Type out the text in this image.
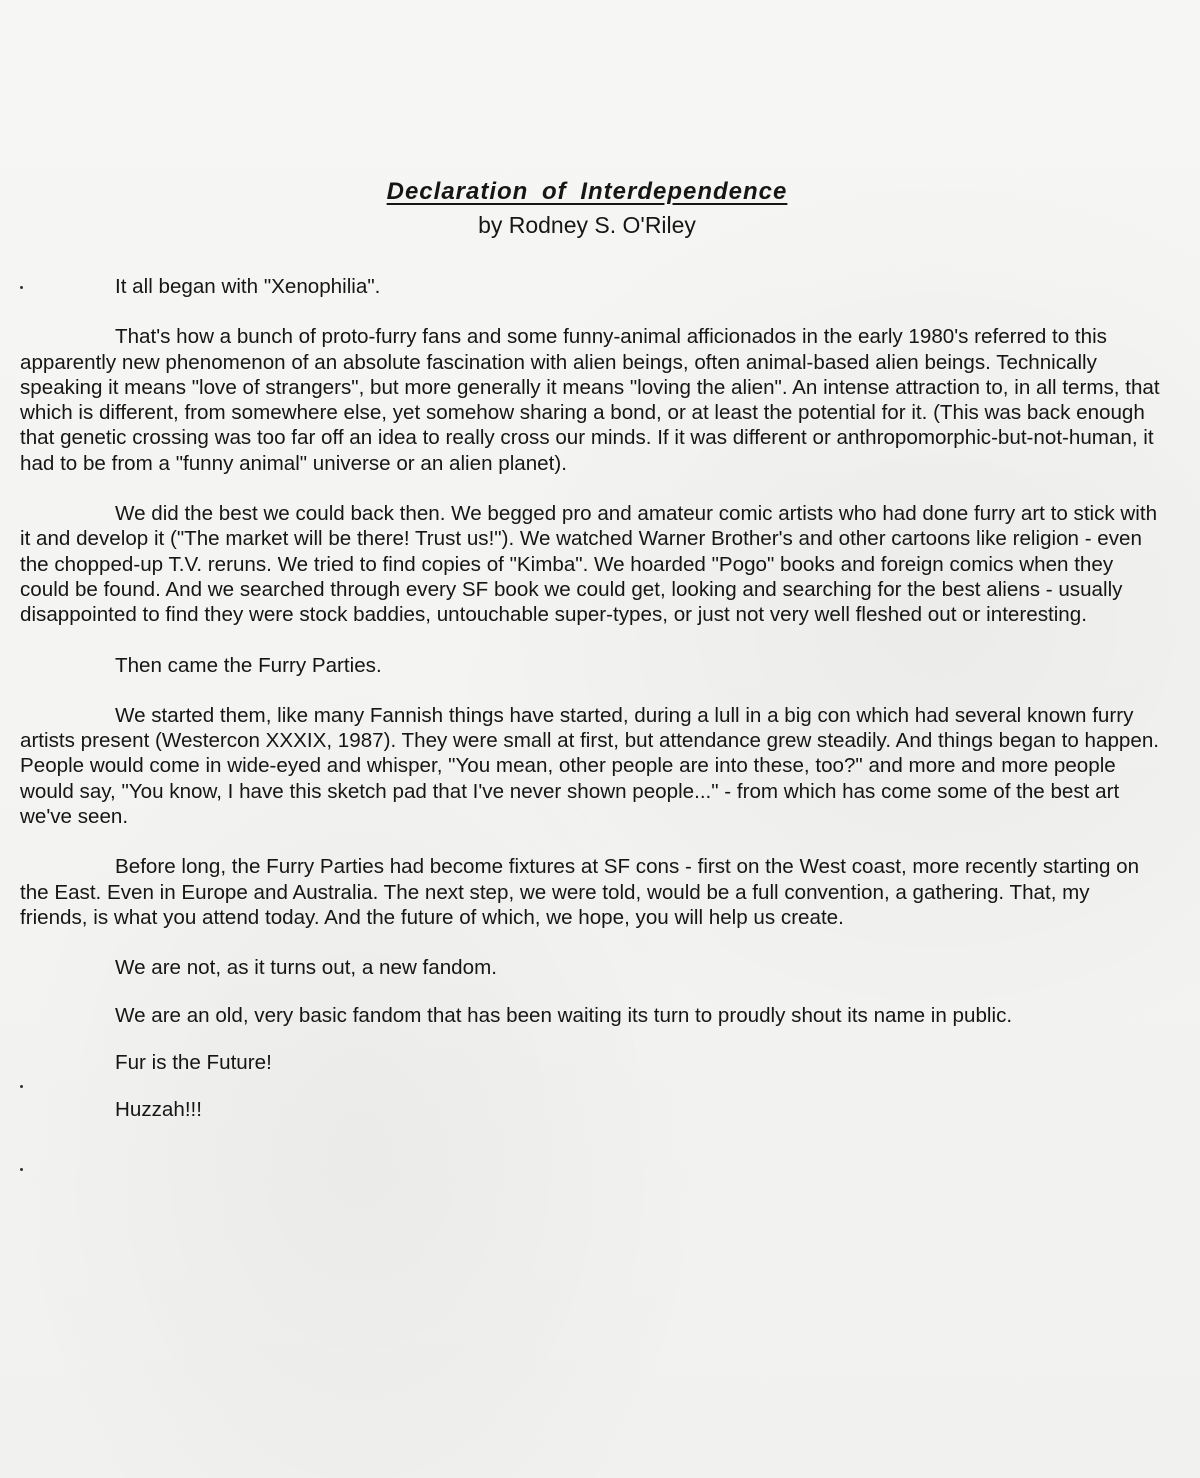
Declaration of Interdependence
by Rodney S. O'Riley

It all began with "Xenophilia".

That's how a bunch of proto-furry fans and some funny-animal afficionados in the early 1980's referred to this apparently new phenomenon of an absolute fascination with alien beings, often animal-based alien beings. Technically speaking it means "love of strangers", but more generally it means "loving the alien". An intense attraction to, in all terms, that which is different, from somewhere else, yet somehow sharing a bond, or at least the potential for it. (This was back enough that genetic crossing was too far off an idea to really cross our minds. If it was different or anthropomorphic-but-not-human, it had to be from a "funny animal" universe or an alien planet).

We did the best we could back then. We begged pro and amateur comic artists who had done furry art to stick with it and develop it ("The market will be there! Trust us!"). We watched Warner Brother's and other cartoons like religion - even the chopped-up T.V. reruns. We tried to find copies of "Kimba". We hoarded "Pogo" books and foreign comics when they could be found. And we searched through every SF book we could get, looking and searching for the best aliens - usually disappointed to find they were stock baddies, untouchable super-types, or just not very well fleshed out or interesting.

Then came the Furry Parties.

We started them, like many Fannish things have started, during a lull in a big con which had several known furry artists present (Westercon XXXIX, 1987). They were small at first, but attendance grew steadily. And things began to happen. People would come in wide-eyed and whisper, "You mean, other people are into these, too?" and more and more people would say, "You know, I have this sketch pad that I've never shown people..." - from which has come some of the best art we've seen.

Before long, the Furry Parties had become fixtures at SF cons - first on the West coast, more recently starting on the East. Even in Europe and Australia. The next step, we were told, would be a full convention, a gathering. That, my friends, is what you attend today. And the future of which, we hope, you will help us create.

We are not, as it turns out, a new fandom.

We are an old, very basic fandom that has been waiting its turn to proudly shout its name in public.

Fur is the Future!

Huzzah!!!
